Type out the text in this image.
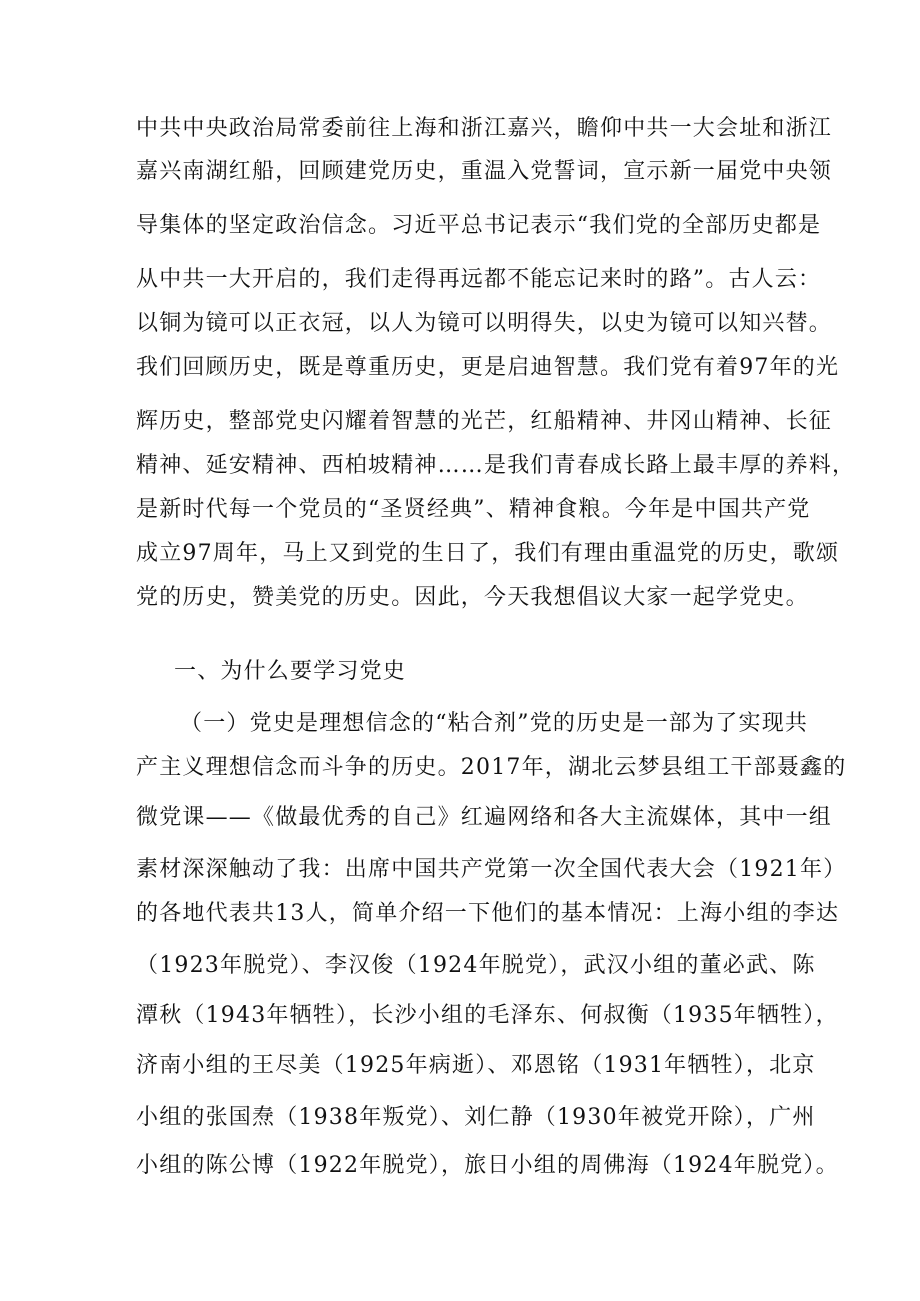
中共中央政治局常委前往上海和浙江嘉兴，瞻仰中共一大会址和浙江
嘉兴南湖红船，回顾建党历史，重温入党誓词，宣示新一届党中央领
导集体的坚定政治信念。习近平总书记表示“我们党的全部历史都是
从中共一大开启的，我们走得再远都不能忘记来时的路”。古人云：
以铜为镜可以正衣冠，以人为镜可以明得失，以史为镜可以知兴替。
我们回顾历史，既是尊重历史，更是启迪智慧。我们党有着97年的光
辉历史，整部党史闪耀着智慧的光芒，红船精神、井冈山精神、长征
精神、延安精神、西柏坡精神……是我们青春成长路上最丰厚的养料，
是新时代每一个党员的“圣贤经典”、精神食粮。今年是中国共产党
成立97周年，马上又到党的生日了，我们有理由重温党的历史，歌颂
党的历史，赞美党的历史。因此，今天我想倡议大家一起学党史。
一、为什么要学习党史
（一）党史是理想信念的“粘合剂”党的历史是一部为了实现共
产主义理想信念而斗争的历史。2017年，湖北云梦县组工干部聂鑫的
微党课——《做最优秀的自己》红遍网络和各大主流媒体，其中一组
素材深深触动了我：出席中国共产党第一次全国代表大会（1921年）
的各地代表共13人，简单介绍一下他们的基本情况：上海小组的李达
（1923年脱党）、李汉俊（1924年脱党），武汉小组的董必武、陈
潭秋（1943年牺牲），长沙小组的毛泽东、何叔衡（1935年牺牲），
济南小组的王尽美（1925年病逝）、邓恩铭（1931年牺牲），北京
小组的张国焘（1938年叛党）、刘仁静（1930年被党开除），广州
小组的陈公博（1922年脱党），旅日小组的周佛海（1924年脱党）。
